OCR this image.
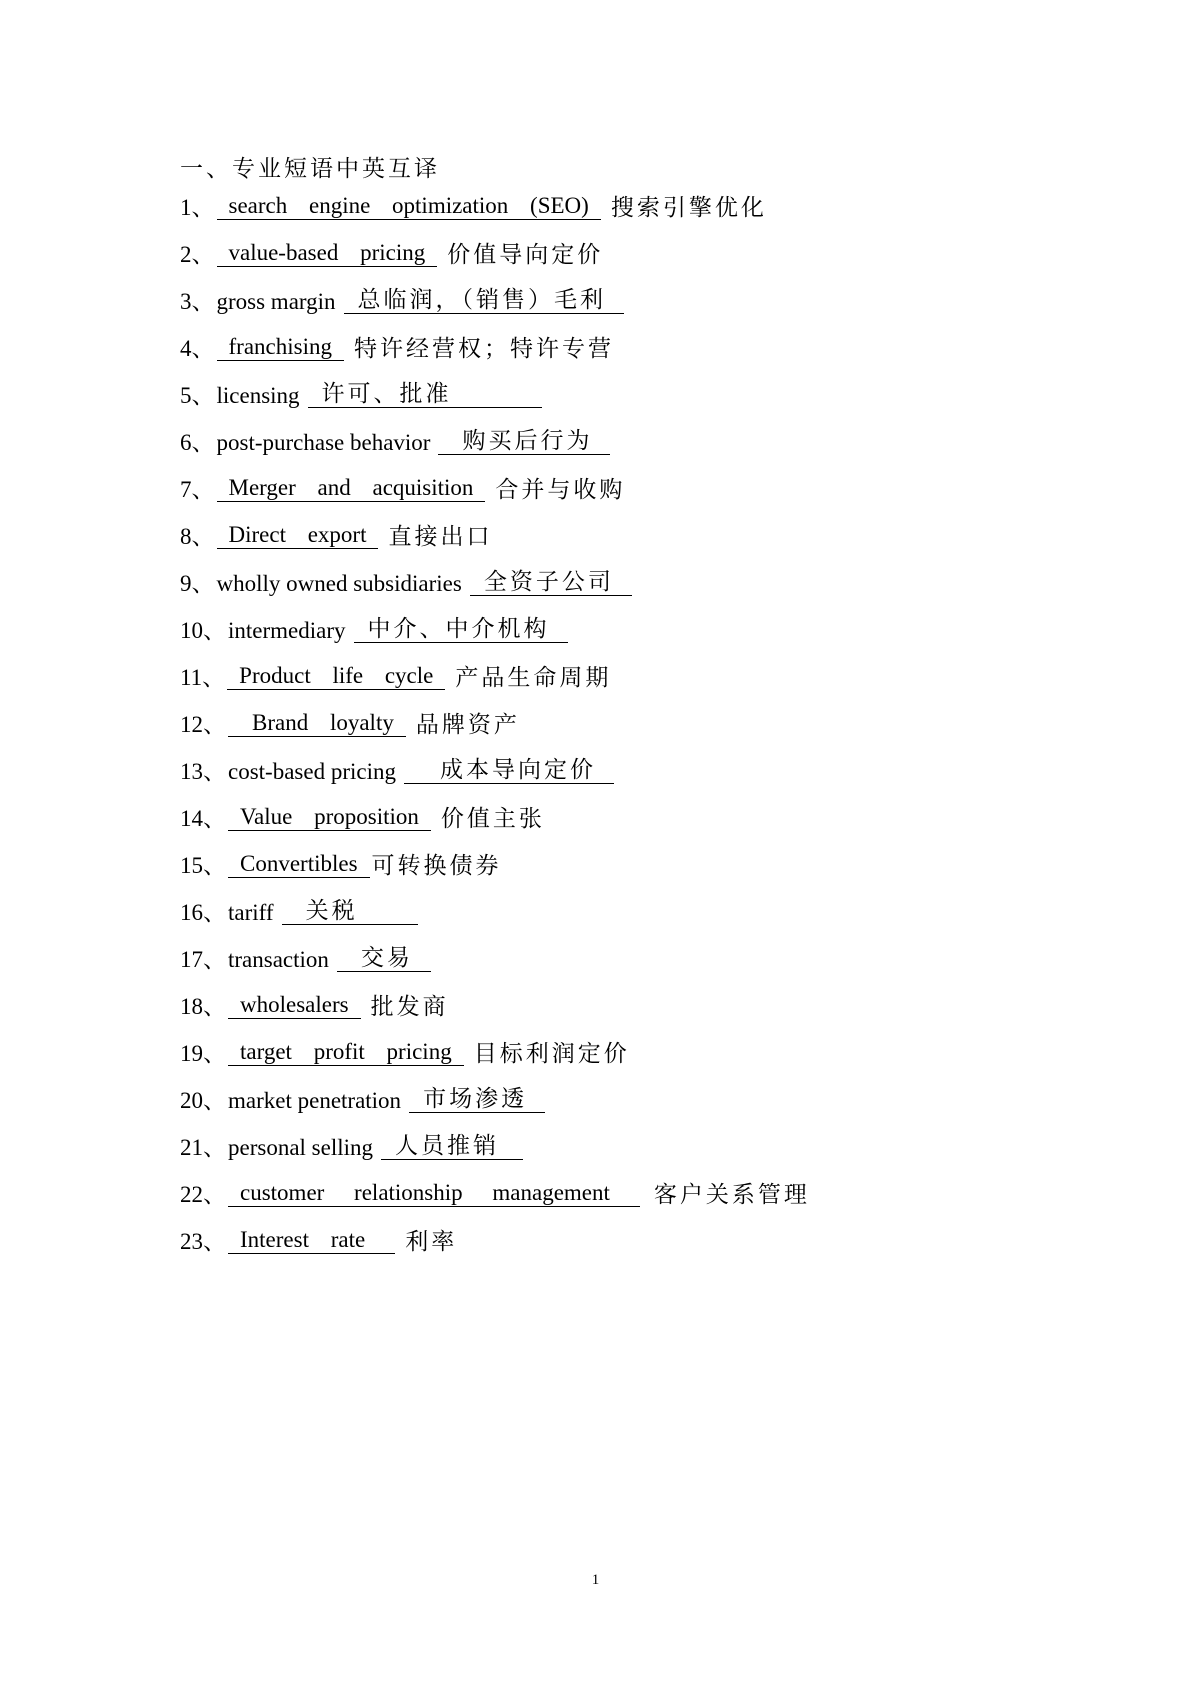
一、专业短语中英互译
1 、 search engine optimization (SEO) 搜索引擎优化
2 、 value-based pricing 价值导向定价
3 、 gross margin 总临润，（销售）毛利
4 、 franchising 特许经营权；特许专营
5 、 licensing 许可、批准
6 、 post-purchase behavior	购买后行为
7 、 Merger and acquisition 合并与收购
8 、 Direct export 直接出口
9 、 wholly owned subsidiaries 全资子公司
10 、 intermediary 中介、中介机构
11 、 Product life cycle 产品生命周期
12 、	Brand loyalty 品牌资产
13 、 cost-based pricing	成本导向定价
14 、 Value proposition 价值主张
15 、 Convertibles 可转换债券
16 、 tariff	关税
17 、 transaction	交易
18 、 wholesalers 批发商
19 、 target profit pricing 目标利润定价
20 、 market penetration 市场渗透
21 、 personal selling 人员推销
22 、 customer relationship management	客户关系管理
23 、 Interest rate	利率
1
